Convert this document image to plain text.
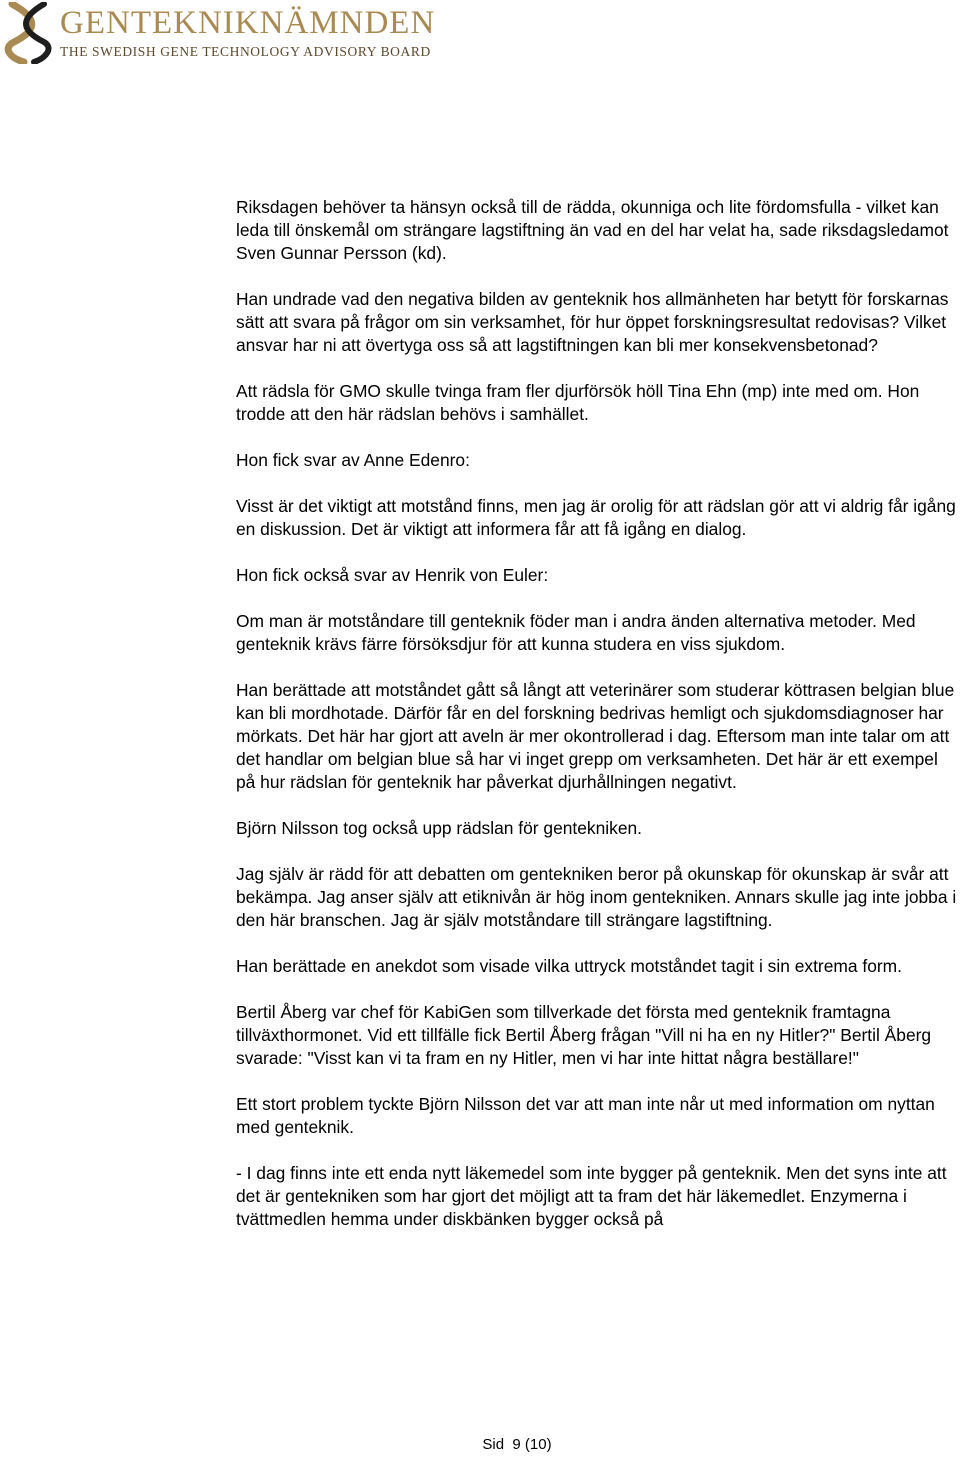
GENTEKNIKNÄMNDEN
THE SWEDISH GENE TECHNOLOGY ADVISORY BOARD

Riksdagen behöver ta hänsyn också till de rädda, okunniga och lite fördomsfulla - vilket kan leda till önskemål om strängare lagstiftning än vad en del har velat ha, sade riksdagsledamot Sven Gunnar Persson (kd).

Han undrade vad den negativa bilden av genteknik hos allmänheten har betytt för forskarnas sätt att svara på frågor om sin verksamhet, för hur öppet forskningsresultat redovisas? Vilket ansvar har ni att övertyga oss så att lagstiftningen kan bli mer konsekvensbetonad?

Att rädsla för GMO skulle tvinga fram fler djurförsök höll Tina Ehn (mp) inte med om. Hon trodde att den här rädslan behövs i samhället.

Hon fick svar av Anne Edenro:

Visst är det viktigt att motstånd finns, men jag är orolig för att rädslan gör att vi aldrig får igång en diskussion. Det är viktigt att informera får att få igång en dialog.

Hon fick också svar av Henrik von Euler:

Om man är motståndare till genteknik föder man i andra änden alternativa metoder. Med genteknik krävs färre försöksdjur för att kunna studera en viss sjukdom.

Han berättade att motståndet gått så långt att veterinärer som studerar köttrasen belgian blue kan bli mordhotade. Därför får en del forskning bedrivas hemligt och sjukdomsdiagnoser har mörkats. Det här har gjort att aveln är mer okontrollerad i dag. Eftersom man inte talar om att det handlar om belgian blue så har vi inget grepp om verksamheten. Det här är ett exempel på hur rädslan för genteknik har påverkat djurhållningen negativt.

Björn Nilsson tog också upp rädslan för gentekniken.

Jag själv är rädd för att debatten om gentekniken beror på okunskap för okunskap är svår att bekämpa. Jag anser själv att etiknivån är hög inom gentekniken. Annars skulle jag inte jobba i den här branschen. Jag är själv motståndare till strängare lagstiftning.

Han berättade en anekdot som visade vilka uttryck motståndet tagit i sin extrema form.

Bertil Åberg var chef för KabiGen som tillverkade det första med genteknik framtagna tillväxthormonet. Vid ett tillfälle fick Bertil Åberg frågan "Vill ni ha en ny Hitler?" Bertil Åberg svarade: "Visst kan vi ta fram en ny Hitler, men vi har inte hittat några beställare!"

Ett stort problem tyckte Björn Nilsson det var att man inte når ut med information om nyttan med genteknik.

- I dag finns inte ett enda nytt läkemedel som inte bygger på genteknik. Men det syns inte att det är gentekniken som har gjort det möjligt att ta fram det här läkemedlet. Enzymerna i tvättmedlen hemma under diskbänken bygger också på

Sid  9 (10)
